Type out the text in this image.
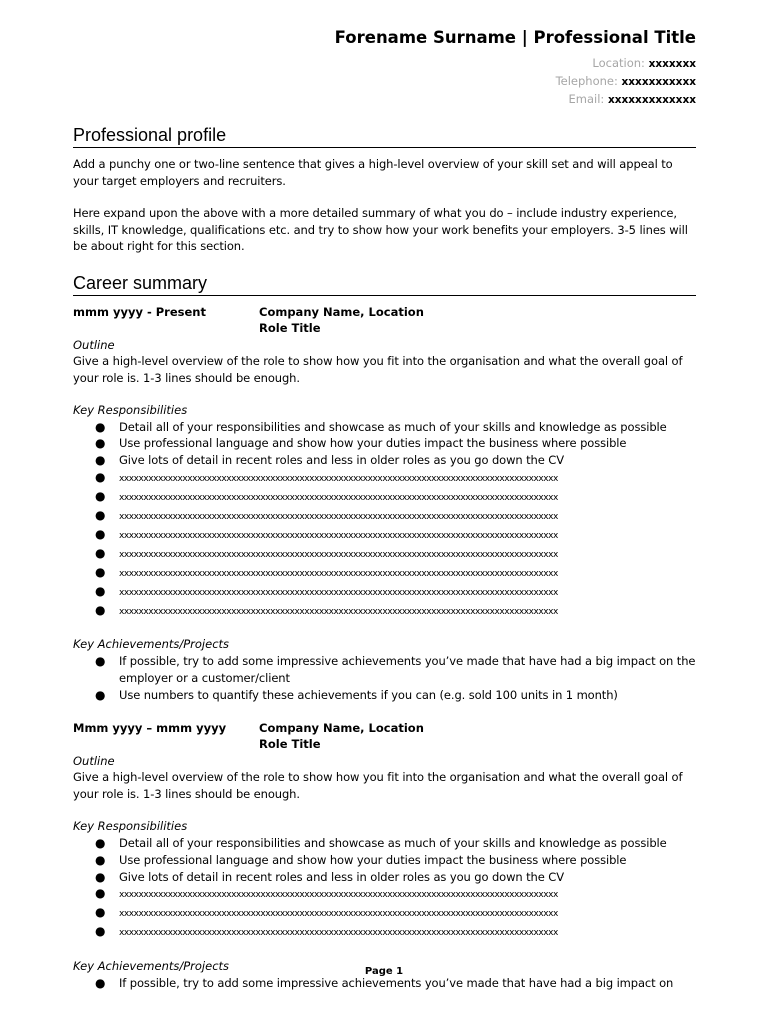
Forename Surname | Professional Title
Location: xxxxxxx
Telephone: xxxxxxxxxxx
Email: xxxxxxxxxxxxx
Professional profile
Add a punchy one or two-line sentence that gives a high-level overview of your skill set and will appeal to your target employers and recruiters.
Here expand upon the above with a more detailed summary of what you do – include industry experience, skills, IT knowledge, qualifications etc. and try to show how your work benefits your employers. 3-5 lines will be about right for this section.
Career summary
mmm yyyy - Present	Company Name, Location
Role Title
Outline
Give a high-level overview of the role to show how you fit into the organisation and what the overall goal of your role is. 1-3 lines should be enough.
Key Responsibilities
● Detail all of your responsibilities and showcase as much of your skills and knowledge as possible
● Use professional language and show how your duties impact the business where possible
● Give lots of detail in recent roles and less in older roles as you go down the CV
● xxxxxxxxxxxxxxxxxxxxxxxxxxxxxxxxxxxxxxxxxxxxxxxxxxxxxxxxxxxxxxxxxxxxxxxxxxxxxxxxxxxxxxxxxx
● xxxxxxxxxxxxxxxxxxxxxxxxxxxxxxxxxxxxxxxxxxxxxxxxxxxxxxxxxxxxxxxxxxxxxxxxxxxxxxxxxxxxxxxxxx
● xxxxxxxxxxxxxxxxxxxxxxxxxxxxxxxxxxxxxxxxxxxxxxxxxxxxxxxxxxxxxxxxxxxxxxxxxxxxxxxxxxxxxxxxxx
● xxxxxxxxxxxxxxxxxxxxxxxxxxxxxxxxxxxxxxxxxxxxxxxxxxxxxxxxxxxxxxxxxxxxxxxxxxxxxxxxxxxxxxxxxx
● xxxxxxxxxxxxxxxxxxxxxxxxxxxxxxxxxxxxxxxxxxxxxxxxxxxxxxxxxxxxxxxxxxxxxxxxxxxxxxxxxxxxxxxxxx
● xxxxxxxxxxxxxxxxxxxxxxxxxxxxxxxxxxxxxxxxxxxxxxxxxxxxxxxxxxxxxxxxxxxxxxxxxxxxxxxxxxxxxxxxxx
● xxxxxxxxxxxxxxxxxxxxxxxxxxxxxxxxxxxxxxxxxxxxxxxxxxxxxxxxxxxxxxxxxxxxxxxxxxxxxxxxxxxxxxxxxx
● xxxxxxxxxxxxxxxxxxxxxxxxxxxxxxxxxxxxxxxxxxxxxxxxxxxxxxxxxxxxxxxxxxxxxxxxxxxxxxxxxxxxxxxxxx
Key Achievements/Projects
● If possible, try to add some impressive achievements you’ve made that have had a big impact on the employer or a customer/client
● Use numbers to quantify these achievements if you can (e.g. sold 100 units in 1 month)
Mmm yyyy – mmm yyyy	Company Name, Location
Role Title
Outline
Give a high-level overview of the role to show how you fit into the organisation and what the overall goal of your role is. 1-3 lines should be enough.
Key Responsibilities
● Detail all of your responsibilities and showcase as much of your skills and knowledge as possible
● Use professional language and show how your duties impact the business where possible
● Give lots of detail in recent roles and less in older roles as you go down the CV
● xxxxxxxxxxxxxxxxxxxxxxxxxxxxxxxxxxxxxxxxxxxxxxxxxxxxxxxxxxxxxxxxxxxxxxxxxxxxxxxxxxxxxxxxxx
● xxxxxxxxxxxxxxxxxxxxxxxxxxxxxxxxxxxxxxxxxxxxxxxxxxxxxxxxxxxxxxxxxxxxxxxxxxxxxxxxxxxxxxxxxx
● xxxxxxxxxxxxxxxxxxxxxxxxxxxxxxxxxxxxxxxxxxxxxxxxxxxxxxxxxxxxxxxxxxxxxxxxxxxxxxxxxxxxxxxxxx
Key Achievements/Projects
● If possible, try to add some impressive achievements you’ve made that have had a big impact on
Page 1
